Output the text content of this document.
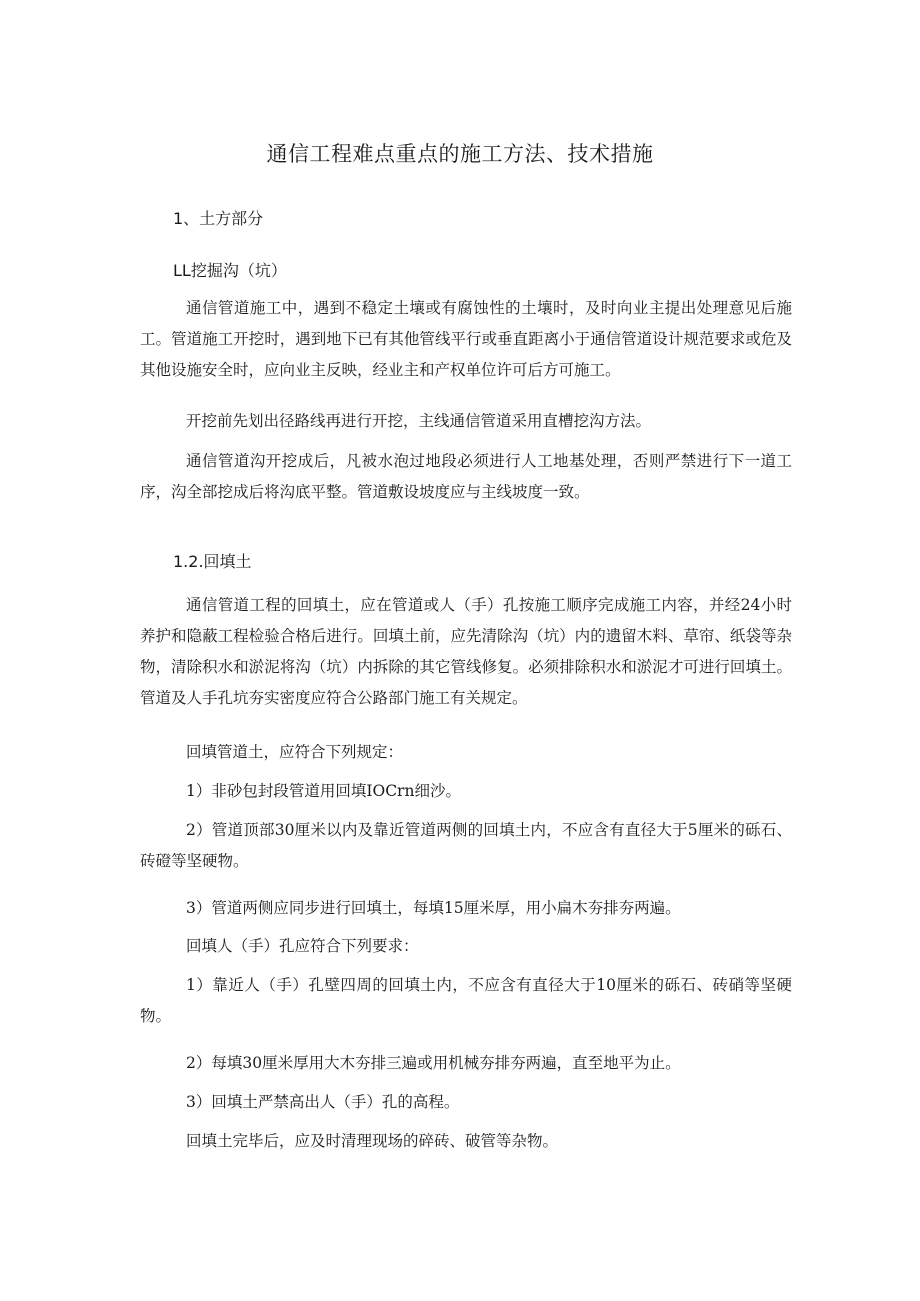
通信工程难点重点的施工方法、技术措施
1、土方部分
LL挖掘沟（坑）

通信管道施工中，遇到不稳定土壤或有腐蚀性的土壤时，及时向业主提出处理意见后施工。管道施工开挖时，遇到地下已有其他管线平行或垂直距离小于通信管道设计规范要求或危及其他设施安全时，应向业主反映，经业主和产权单位许可后方可施工。

开挖前先划出径路线再进行开挖，主线通信管道采用直槽挖沟方法。

通信管道沟开挖成后，凡被水泡过地段必须进行人工地基处理，否则严禁进行下一道工序，沟全部挖成后将沟底平整。管道敷设坡度应与主线坡度一致。

1.2.回填土

通信管道工程的回填土，应在管道或人（手）孔按施工顺序完成施工内容，并经24小时养护和隐蔽工程检验合格后进行。回填土前，应先清除沟（坑）内的遗留木料、草帘、纸袋等杂物，清除积水和淤泥将沟（坑）内拆除的其它管线修复。必须排除积水和淤泥才可进行回填土。管道及人手孔坑夯实密度应符合公路部门施工有关规定。

回填管道土，应符合下列规定：
1）非砂包封段管道用回填IOCrn细沙。

2）管道顶部30厘米以内及靠近管道两侧的回填土内，不应含有直径大于5厘米的砾石、砖磴等坚硬物。

3）管道两侧应同步进行回填土，每填15厘米厚，用小扁木夯排夯两遍。
回填人（手）孔应符合下列要求：

1）靠近人（手）孔壁四周的回填土内，不应含有直径大于10厘米的砾石、砖硝等坚硬物。

2）每填30厘米厚用大木夯排三遍或用机械夯排夯两遍，直至地平为止。
3）回填土严禁高出人（手）孔的高程。
回填土完毕后，应及时清理现场的碎砖、破管等杂物。
